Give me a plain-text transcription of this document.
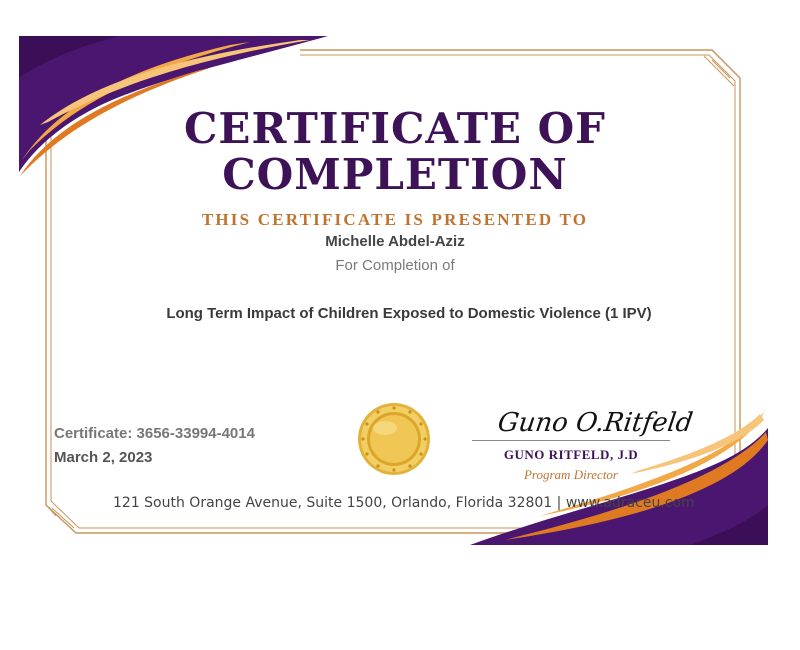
CERTIFICATE OF
COMPLETION
THIS CERTIFICATE IS PRESENTED TO
Michelle Abdel-Aziz
For Completion of
Long Term Impact of Children Exposed to Domestic Violence (1 IPV)
Certificate: 3656-33994-4014
March 2, 2023
Guno O.Ritfeld
GUNO RITFELD, J.D
Program Director
121 South Orange Avenue, Suite 1500, Orlando, Florida 32801 | www.adraceu.com
